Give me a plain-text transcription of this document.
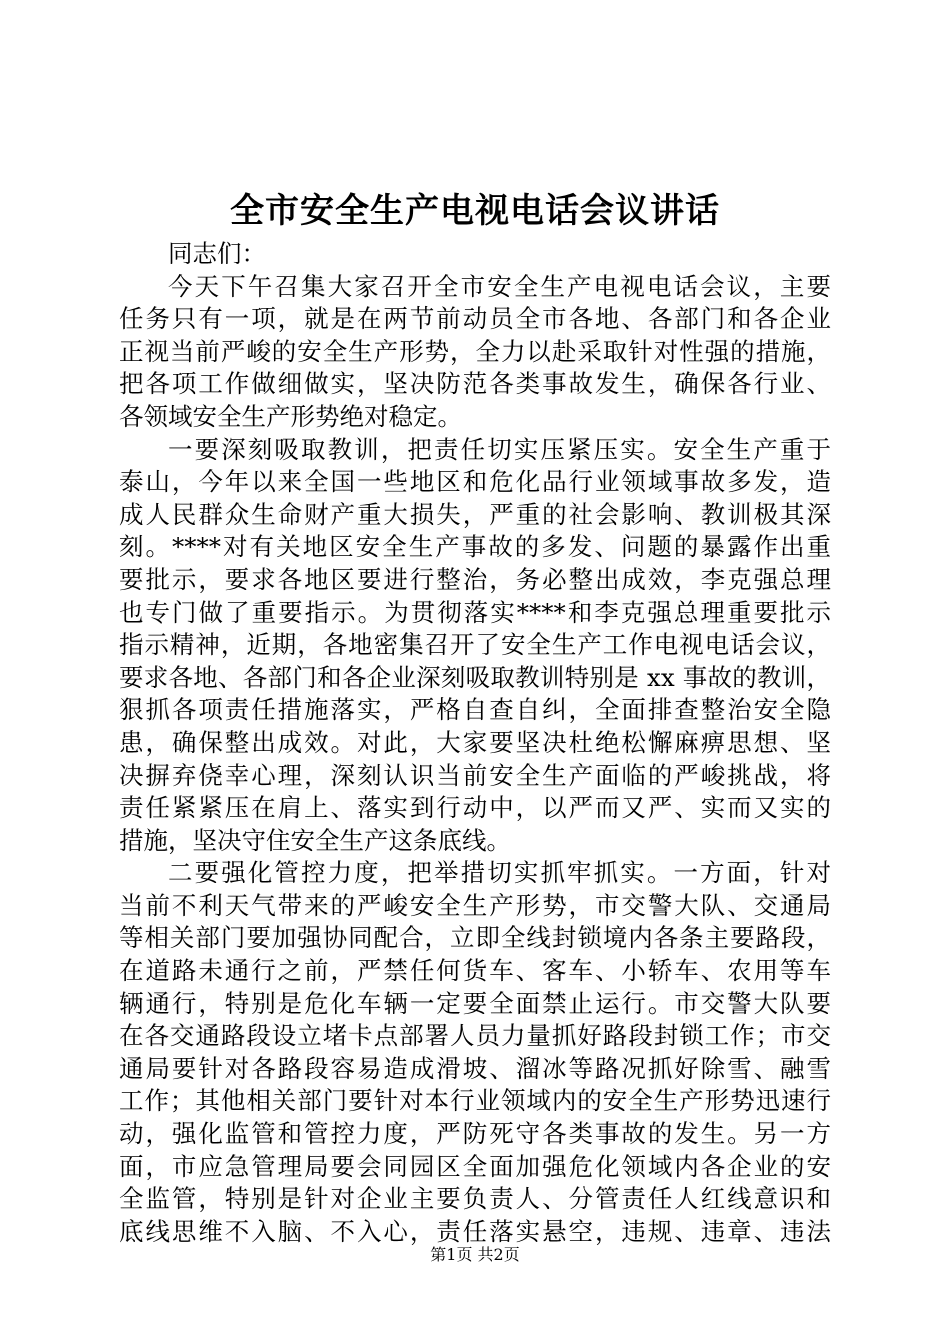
全市安全生产电视电话会议讲话
同志们：
今天下午召集大家召开全市安全生产电视电话会议，主要
任务只有一项，就是在两节前动员全市各地、各部门和各企业
正视当前严峻的安全生产形势，全力以赴采取针对性强的措施，
把各项工作做细做实，坚决防范各类事故发生，确保各行业、
各领域安全生产形势绝对稳定。
一要深刻吸取教训，把责任切实压紧压实。安全生产重于
泰山，今年以来全国一些地区和危化品行业领域事故多发，造
成人民群众生命财产重大损失，严重的社会影响、教训极其深
刻。****对有关地区安全生产事故的多发、问题的暴露作出重
要批示，要求各地区要进行整治，务必整出成效，李克强总理
也专门做了重要指示。为贯彻落实****和李克强总理重要批示
指示精神，近期，各地密集召开了安全生产工作电视电话会议，
要求各地、各部门和各企业深刻吸取教训特别是 xx 事故的教训，
狠抓各项责任措施落实，严格自查自纠，全面排查整治安全隐
患，确保整出成效。对此，大家要坚决杜绝松懈麻痹思想、坚
决摒弃侥幸心理，深刻认识当前安全生产面临的严峻挑战，将
责任紧紧压在肩上、落实到行动中，以严而又严、实而又实的
措施，坚决守住安全生产这条底线。
二要强化管控力度，把举措切实抓牢抓实。一方面，针对
当前不利天气带来的严峻安全生产形势，市交警大队、交通局
等相关部门要加强协同配合，立即全线封锁境内各条主要路段，
在道路未通行之前，严禁任何货车、客车、小轿车、农用等车
辆通行，特别是危化车辆一定要全面禁止运行。市交警大队要
在各交通路段设立堵卡点部署人员力量抓好路段封锁工作；市交
通局要针对各路段容易造成滑坡、溜冰等路况抓好除雪、融雪
工作；其他相关部门要针对本行业领域内的安全生产形势迅速行
动，强化监管和管控力度，严防死守各类事故的发生。另一方
面，市应急管理局要会同园区全面加强危化领域内各企业的安
全监管，特别是针对企业主要负责人、分管责任人红线意识和
底线思维不入脑、不入心，责任落实悬空，违规、违章、违法
第1页 共2页
